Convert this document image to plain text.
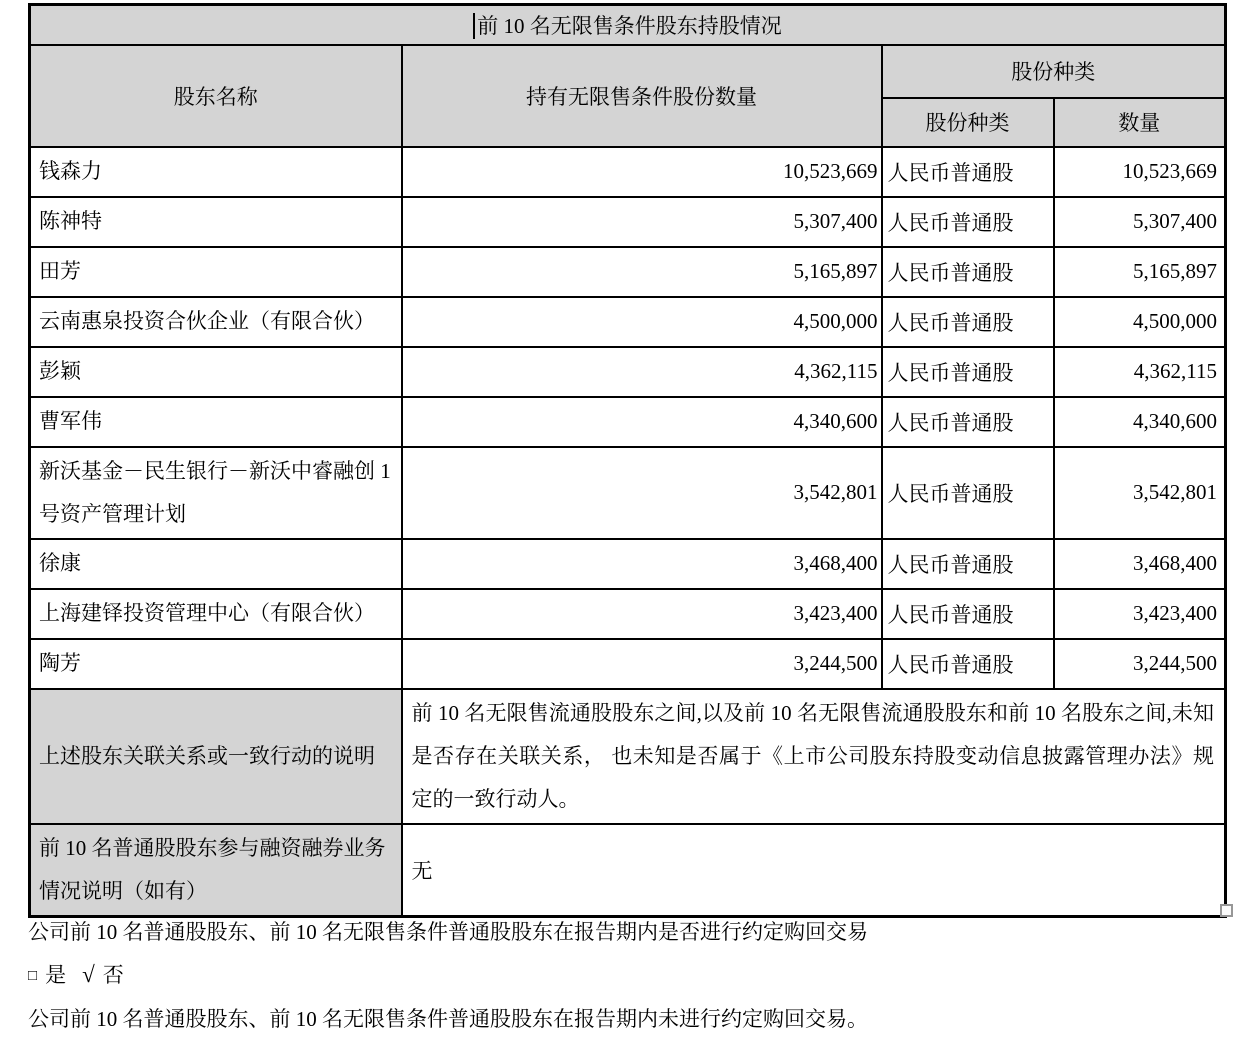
前 10 名无限售条件股东持股情况			
股东名称	持有无限售条件股份数量	股份种类	
		股份种类	数量
钱森力	10,523,669	人民币普通股	10,523,669
陈神特	5,307,400	人民币普通股	5,307,400
田芳	5,165,897	人民币普通股	5,165,897
云南惠泉投资合伙企业（有限合伙）	4,500,000	人民币普通股	4,500,000
彭颖	4,362,115	人民币普通股	4,362,115
曹军伟	4,340,600	人民币普通股	4,340,600
新沃基金－民生银行－新沃中睿融创 1 号资产管理计划	3,542,801	人民币普通股	3,542,801
徐康	3,468,400	人民币普通股	3,468,400
上海建铎投资管理中心（有限合伙）	3,423,400	人民币普通股	3,423,400
陶芳	3,244,500	人民币普通股	3,244,500
上述股东关联关系或一致行动的说明	前 10 名无限售流通股股东之间,以及前 10 名无限售流通股股东和前 10 名股东之间,未知是否存在关联关系， 也未知是否属于《上市公司股东持股变动信息披露管理办法》规定的一致行动人。		
前 10 名普通股股东参与融资融券业务情况说明（如有）	无		
公司前 10 名普通股股东、前 10 名无限售条件普通股股东在报告期内是否进行约定购回交易
□ 是 √ 否
公司前 10 名普通股股东、前 10 名无限售条件普通股股东在报告期内未进行约定购回交易。
